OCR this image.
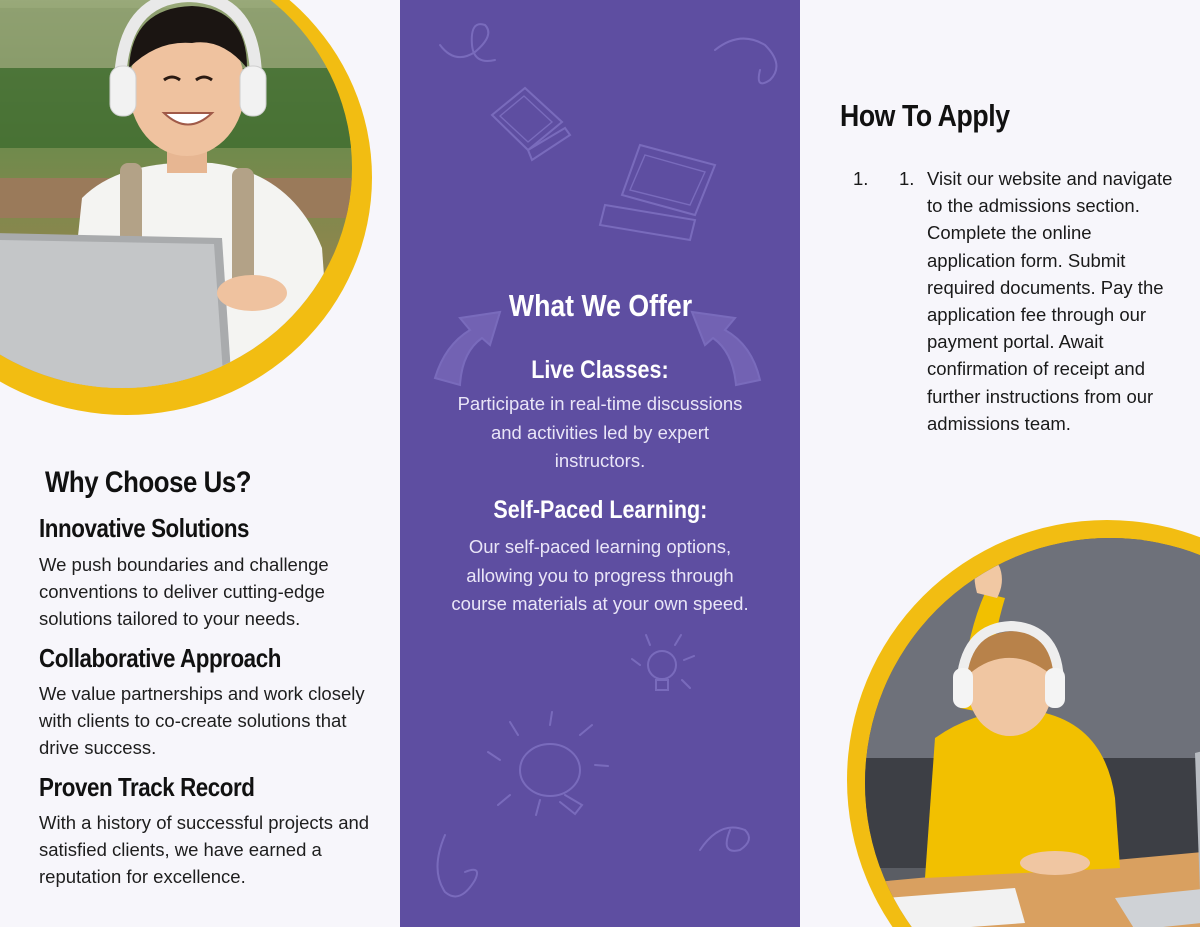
Why Choose Us?
Innovative Solutions
We push boundaries and challenge conventions to deliver cutting-edge solutions tailored to your needs.
Collaborative Approach
We value partnerships and work closely with clients to co-create solutions that drive success.
Proven Track Record
With a history of successful projects and satisfied clients, we have earned a reputation for excellence.
What We Offer
Live Classes:
Participate in real-time discussions and activities led by expert instructors.
Self-Paced Learning:
Our self-paced learning options, allowing you to progress through course materials at your own speed.
How To Apply
1. 1. Visit our website and navigate to the admissions section. Complete the online application form. Submit required documents. Pay the application fee through our payment portal. Await confirmation of receipt and further instructions from our admissions team.
